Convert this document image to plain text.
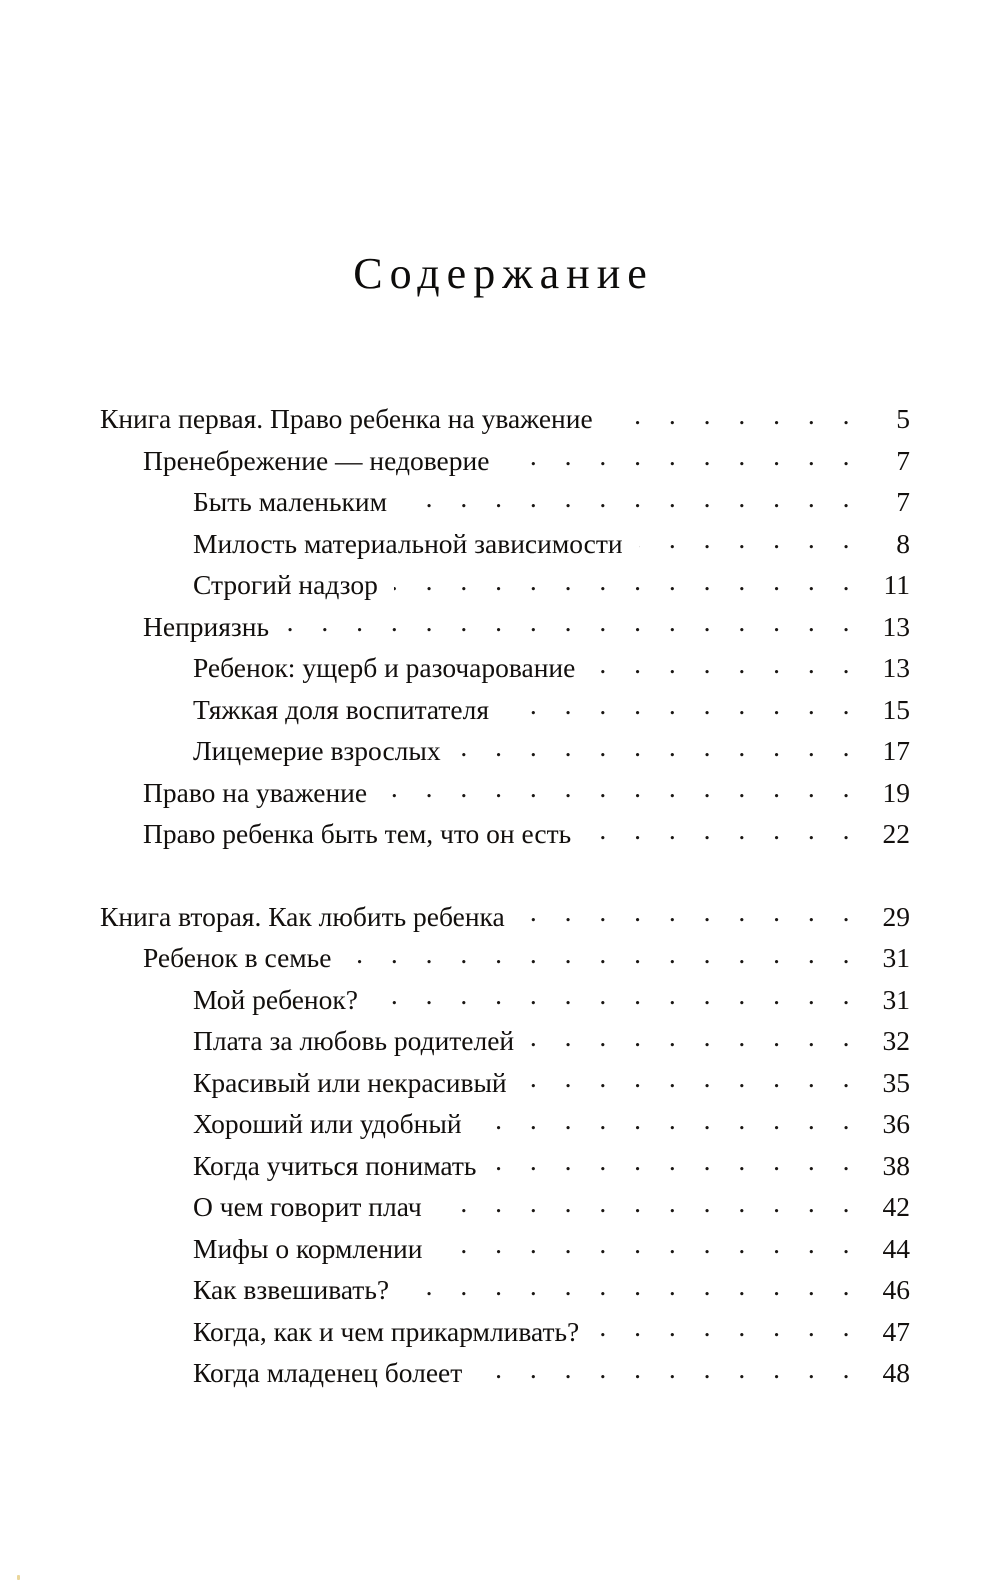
Содержание
Книга первая. Право ребенка на уважение . . .	5
Пренебрежение — недоверие . . .	7
Быть маленьким . . .	7
Милость материальной зависимости . . .	8
Строгий надзор . . .	11
Неприязнь . . .	13
Ребенок: ущерб и разочарование . . .	13
Тяжкая доля воспитателя . . .	15
Лицемерие взрослых . . .	17
Право на уважение . . .	19
Право ребенка быть тем, что он есть . . .	22
Книга вторая. Как любить ребенка . . .	29
Ребенок в семье . . .	31
Мой ребенок? . . .	31
Плата за любовь родителей . . .	32
Красивый или некрасивый . . .	35
Хороший или удобный . . .	36
Когда учиться понимать . . .	38
О чем говорит плач . . .	42
Мифы о кормлении . . .	44
Как взвешивать? . . .	46
Когда, как и чем прикармливать? . . .	47
Когда младенец болеет . . .	48
